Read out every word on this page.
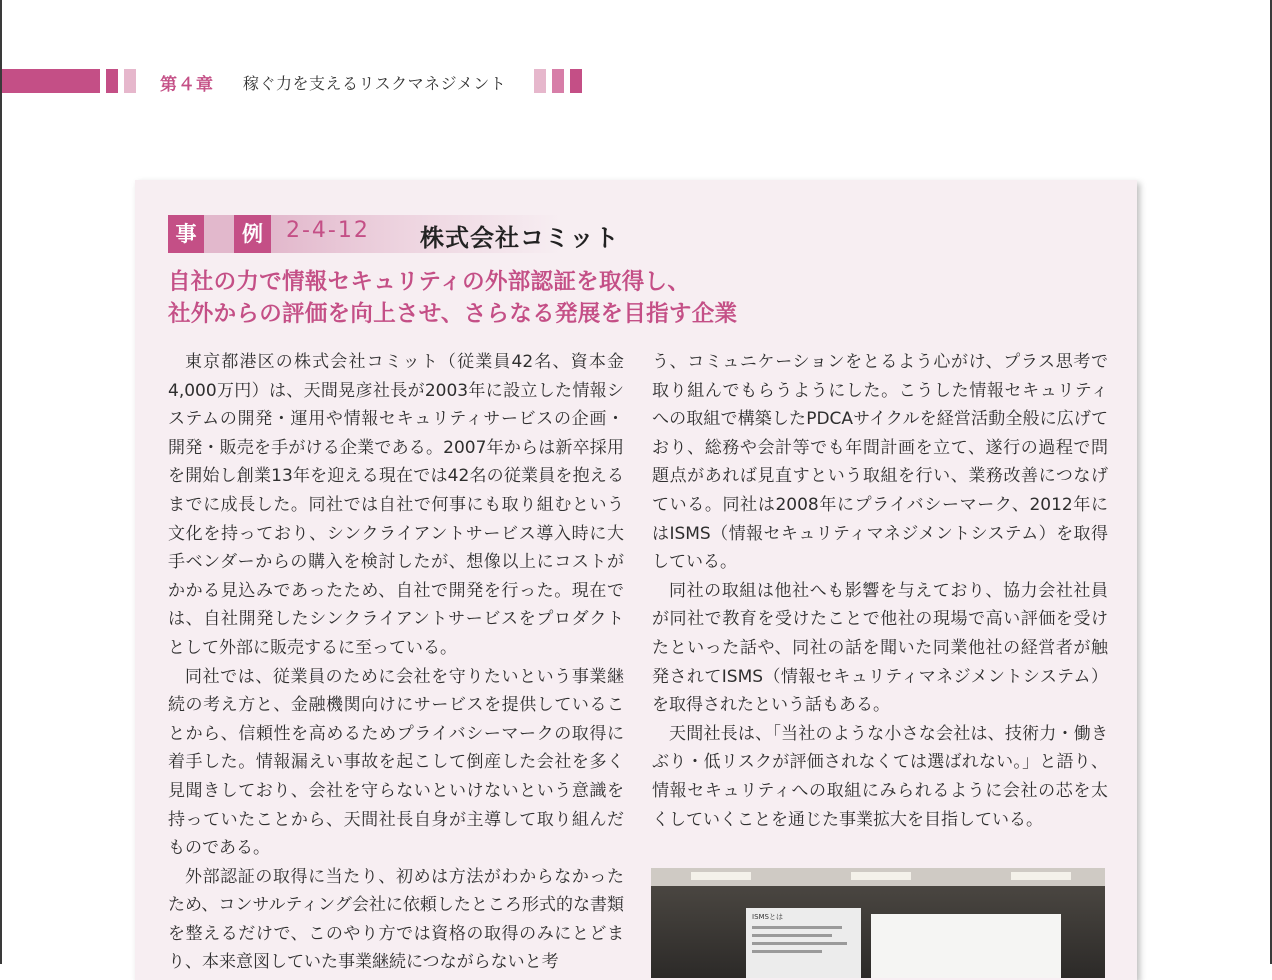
第４章 稼ぐ力を支えるリスクマネジメント
2-4-12
事	例	株式会社コミット
自社の力で情報セキュリティの外部認証を取得し、
社外からの評価を向上させ、さらなる発展を目指す企業

東京都港区の株式会社コミット（従業員42名、資本金4,000万円）は、天間晃彦社長が2003年に設立した情報システムの開発・運用や情報セキュリティサービスの企画・開発・販売を手がける企業である。2007年からは新卒採用を開始し創業13年を迎える現在では42名の従業員を抱えるまでに成長した。同社では自社で何事にも取り組むという文化を持っており、シンクライアントサービス導入時に大手ベンダーからの購入を検討したが、想像以上にコストがかかる見込みであったため、自社で開発を行った。現在では、自社開発したシンクライアントサービスをプロダクトとして外部に販売するに至っている。

同社では、従業員のために会社を守りたいという事業継続の考え方と、金融機関向けにサービスを提供していることから、信頼性を高めるためプライバシーマークの取得に着手した。情報漏えい事故を起こして倒産した会社を多く見聞きしており、会社を守らないといけないという意識を持っていたことから、天間社長自身が主導して取り組んだものである。

外部認証の取得に当たり、初めは方法がわからなかったため、コンサルティング会社に依頼したところ形式的な書類を整えるだけで、このやり方では資格の取得のみにとどまり、本来意図していた事業継続につながらないと考

う、コミュニケーションをとるよう心がけ、プラス思考で取り組んでもらうようにした。こうした情報セキュリティへの取組で構築したPDCAサイクルを経営活動全般に広げており、総務や会計等でも年間計画を立て、遂行の過程で問題点があれば見直すという取組を行い、業務改善につなげている。同社は2008年にプライバシーマーク、2012年にはISMS（情報セキュリティマネジメントシステム）を取得している。

同社の取組は他社へも影響を与えており、協力会社社員が同社で教育を受けたことで他社の現場で高い評価を受けたといった話や、同社の話を聞いた同業他社の経営者が触発されてISMS（情報セキュリティマネジメントシステム）を取得されたという話もある。

天間社長は、「当社のような小さな会社は、技術力・働きぶり・低リスクが評価されなくては選ばれない。」と語り、情報セキュリティへの取組にみられるように会社の芯を太くしていくことを通じた事業拡大を目指している。

ISMSとは
